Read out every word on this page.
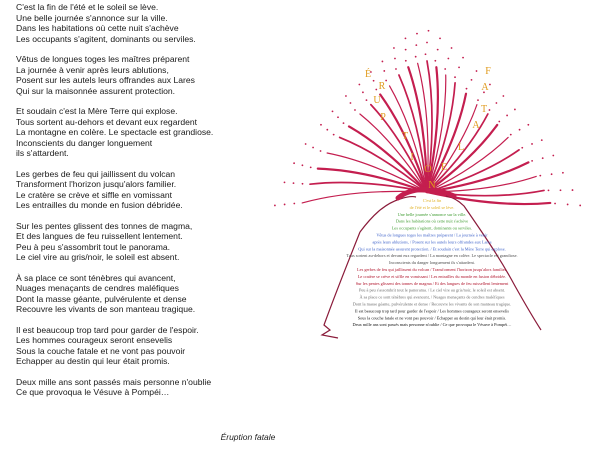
C'est la fin de l'été et le soleil se lève.
Une belle journée s'annonce sur la ville.
Dans les habitations où cette nuit s'achève
Les occupants s'agitent, dominants ou serviles.
Vêtus de longues toges les maîtres préparent
La journée à venir après leurs ablutions,
Posent sur les autels leurs offrandes aux Lares
Qui sur la maisonnée assurent protection.
Et soudain c'est la Mère Terre qui explose.
Tous sortent au-dehors et devant eux regardent
La montagne en colère. Le spectacle est grandiose.
Inconscients du danger longuement
ils s'attardent.
Les gerbes de feu qui jaillissent du volcan
Transforment l'horizon jusqu'alors familier.
Le cratère se crève et siffle en vomissant
Les entrailles du monde en fusion débridée.
Sur les pentes glissent des tonnes de magma,
Et des langues de feu ruissellent lentement.
Peu à peu s'assombrit tout le panorama.
Le ciel vire au gris/noir, le soleil est absent.
À sa place ce sont ténèbres qui avancent,
Nuages menaçants de cendres maléfiques
Dont la masse géante, pulvérulente et dense
Recouvre les vivants de son manteau tragique.
Il est beaucoup trop tard pour garder de l'espoir.
Les hommes courageux seront ensevelis
Sous la couche fatale et ne vont pas pouvoir
Echapper au destin qui leur était promis.
Deux mille ans sont passés mais personne n'oublie
Ce que provoqua le Vésuve à Pompéi…
C'est la fin
de l'été et le soleil se lève.
Une belle journée s'annonce sur la ville.
Dans les habitations où cette nuit s'achève
Les occupants s'agitent, dominants ou serviles.
Vêtus de longues toges les maîtres préparent / La journée à venir
après leurs ablutions, / Posent sur les autels leurs offrandes aux Lares
Qui sur la maisonnée assurent protection. / Et soudain c'est la Mère Terre qui explose.
Tous sortent au-dehors et devant eux regardent / La montagne en colère. Le spectacle est grandiose.
Inconscients du danger longuement ils s'attardent.
Les gerbes de feu qui jaillissent du volcan / Transforment l'horizon jusqu'alors familier.
Le cratère se crève et siffle en vomissant / Les entrailles du monde en fusion débridée.
Sur les pentes glissent des tonnes de magma / Et des langues de feu ruissellent lentement
Peu à peu s'assombrit tout le panorama. / Le ciel vire au gris/noir, le soleil est absent.
À sa place ce sont ténèbres qui avancent, / Nuages menaçants de cendres maléfiques
Dont la masse géante, pulvérulente et dense / Recouvre les vivants de son manteau tragique.
Il est beaucoup trop tard pour garder de l'espoir / Les hommes courageux seront ensevelis
Sous la couche fatale et ne vont pas pouvoir / Echapper au destin qui leur était promis.
Deux mille ans sont passés mais personne n'oublie / Ce que provoqua le Vésuve à Pompéi…
É
R
U
P
T
I
O
N
F
A
T
A
L
E
Éruption fatale
